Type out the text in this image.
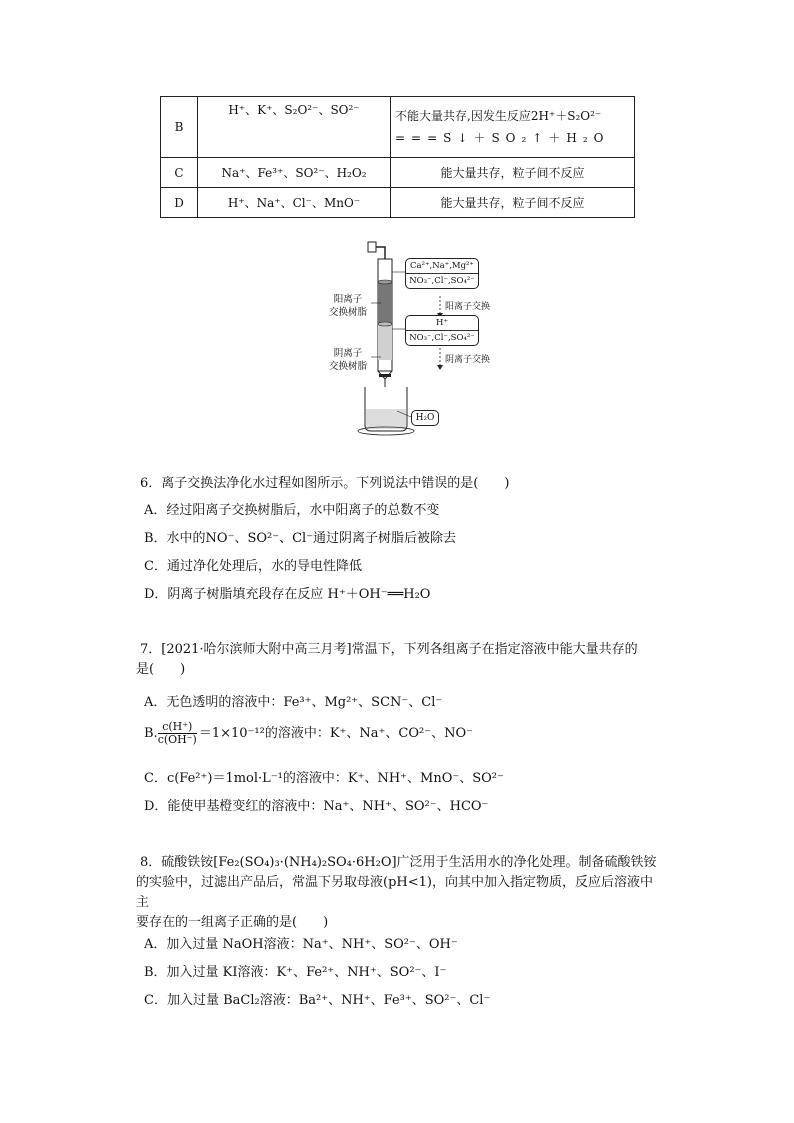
B	H⁺、K⁺、S₂O²⁻、SO²⁻	不能大量共存,因发生反应2H⁺＋S₂O²⁻
===S↓＋SO₂↑＋H₂O

C	Na⁺、Fe³⁺、SO²⁻、H₂O₂	能大量共存，粒子间不反应
D	H⁺、Na⁺、Cl⁻、MnO⁻	能大量共存，粒子间不反应
阳离子
交换树脂
阴离子
交换树脂
Ca²⁺,Na⁺,Mg²⁺
NO₃⁻,Cl⁻,SO₄²⁻
阳离子交换
H⁺
NO₃⁻,Cl⁻,SO₄²⁻
阴离子交换
H₂O
6．离子交换法净化水过程如图所示。下列说法中错误的是(　　)
A．经过阳离子交换树脂后，水中阳离子的总数不变
B．水中的NO⁻、SO²⁻、Cl⁻通过阴离子树脂后被除去
C．通过净化处理后，水的导电性降低
D．阴离子树脂填充段存在反应 H⁺＋OH⁻══H₂O
7．[2021·哈尔滨师大附中高三月考]常温下，下列各组离子在指定溶液中能大量共存的
是(　　)
A．无色透明的溶液中：Fe³⁺、Mg²⁺、SCN⁻、Cl⁻
B. $\frac{c(H^+)}{c(OH^-)} =1\times 10^{-12}$的溶液中：K⁺、Na⁺、CO²⁻、NO⁻
C．c(Fe²⁺)＝1mol·L⁻¹的溶液中：K⁺、NH⁺、MnO⁻、SO²⁻
D．能使甲基橙变红的溶液中：Na⁺、NH⁺、SO²⁻、HCO⁻
8．硫酸铁铵[Fe₂(SO₄)₃·(NH₄)₂SO₄·6H₂O]广泛用于生活用水的净化处理。制备硫酸铁铵
的实验中，过滤出产品后，常温下另取母液(pH<1)，向其中加入指定物质，反应后溶液中主
要存在的一组离子正确的是(　　)
A．加入过量 NaOH溶液：Na⁺、NH⁺、SO²⁻、OH⁻
B．加入过量 KI溶液：K⁺、Fe²⁺、NH⁺、SO²⁻、I⁻
C．加入过量 BaCl₂溶液：Ba²⁺、NH⁺、Fe³⁺、SO²⁻、Cl⁻
